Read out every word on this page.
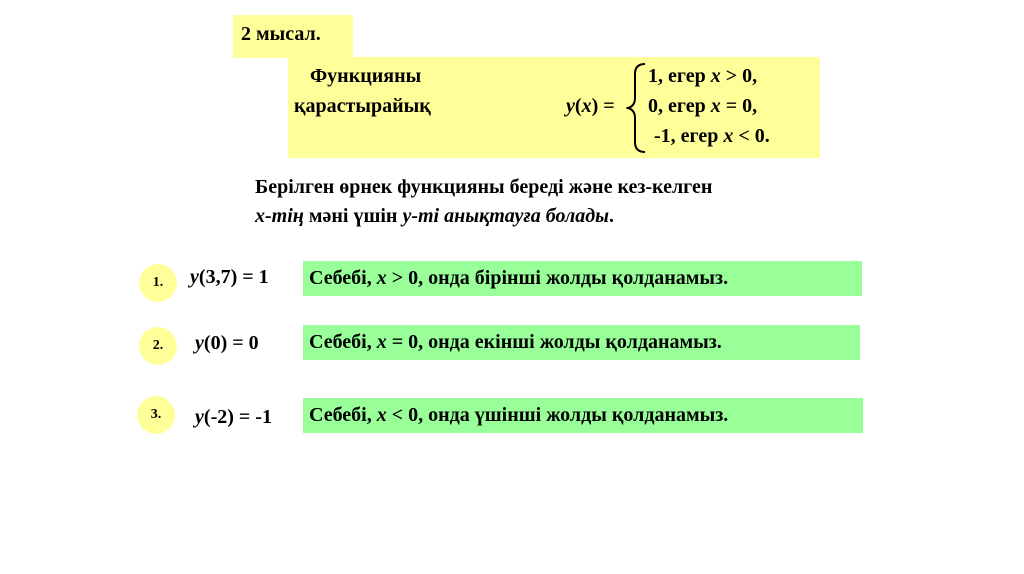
2 мысал.
Функцияны
қарастырайық	y(x) =
1, егер x > 0,
0, егер x = 0,
-1, егер x < 0.
Берілген өрнек функцияны береді және кез-келген
х-тің мәні үшін у-ті анықтауға болады.
1.	y(3,7) = 1	Себебі, x > 0, онда бірінші жолды қолданамыз.
2.	y(0) = 0	Себебі, x = 0, онда екінші жолды қолданамыз.
3.	y(-2) = -1	Себебі, x < 0, онда үшінші жолды қолданамыз.
